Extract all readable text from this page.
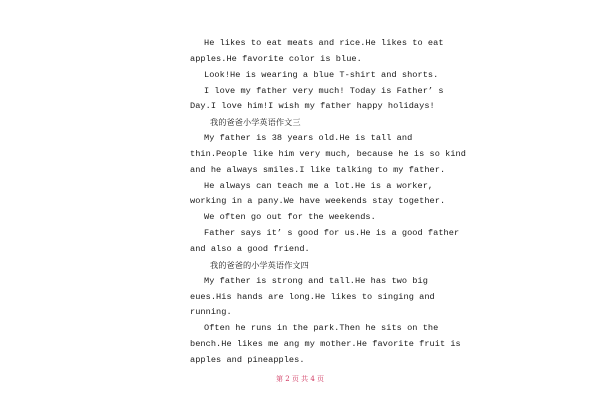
He likes to eat meats and rice.He likes to eat
apples.He favorite color is blue.
Look!He is wearing a blue T-shirt and shorts.
I love my father very much! Today is Father’ s
Day.I love him!I wish my father happy holidays!
我的爸爸小学英语作文三
My father is 38 years old.He is tall and
thin.People like him very much, because he is so kind
and he always smiles.I like talking to my father.
He always can teach me a lot.He is a worker,
working in a pany.We have weekends stay together.
We often go out for the weekends.
Father says it’ s good for us.He is a good father
and also a good friend.
我的爸爸的小学英语作文四
My father is strong and tall.He has two big
eues.His hands are long.He likes to singing and
running.
Often he runs in the park.Then he sits on the
bench.He likes me ang my mother.He favorite fruit is
apples and pineapples.
第 2 页 共 4 页
